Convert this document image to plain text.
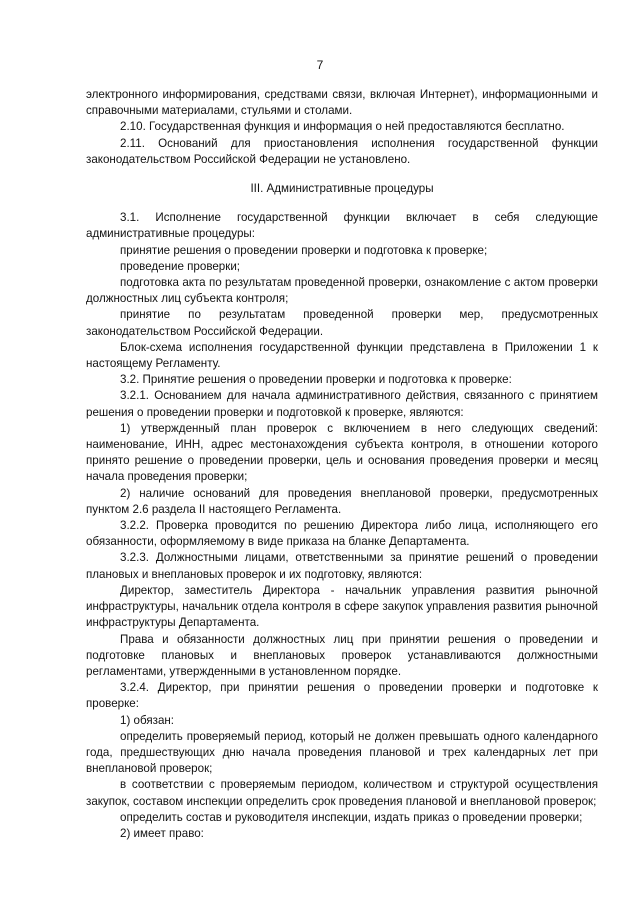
7

электронного информирования, средствами связи, включая Интернет), информационными и справочными материалами, стульями и столами.

2.10. Государственная функция и информация о ней предоставляются бесплатно.

2.11. Оснований для приостановления исполнения государственной функции законодательством Российской Федерации не установлено.

III. Административные процедуры

3.1. Исполнение государственной функции включает в себя следующие административные процедуры:

принятие решения о проведении проверки и подготовка к проверке;

проведение проверки;

подготовка акта по результатам проведенной проверки, ознакомление с актом проверки должностных лиц субъекта контроля;

принятие по результатам проведенной проверки мер, предусмотренных законодательством Российской Федерации.

Блок-схема исполнения государственной функции представлена в Приложении 1 к настоящему Регламенту.

3.2. Принятие решения о проведении проверки и подготовка к проверке:

3.2.1. Основанием для начала административного действия, связанного с принятием решения о проведении проверки и подготовкой к проверке, являются:

1) утвержденный план проверок с включением в него следующих сведений: наименование, ИНН, адрес местонахождения субъекта контроля, в отношении которого принято решение о проведении проверки, цель и основания проведения проверки и месяц начала проведения проверки;

2) наличие оснований для проведения внеплановой проверки, предусмотренных пунктом 2.6 раздела II настоящего Регламента.

3.2.2. Проверка проводится по решению Директора либо лица, исполняющего его обязанности, оформляемому в виде приказа на бланке Департамента.

3.2.3. Должностными лицами, ответственными за принятие решений о проведении плановых и внеплановых проверок и их подготовку, являются:

Директор, заместитель Директора - начальник управления развития рыночной инфраструктуры, начальник отдела контроля в сфере закупок управления развития рыночной инфраструктуры Департамента.

Права и обязанности должностных лиц при принятии решения о проведении и подготовке плановых и внеплановых проверок устанавливаются должностными регламентами, утвержденными в установленном порядке.

3.2.4. Директор, при принятии решения о проведении проверки и подготовке к проверке:

1) обязан:

определить проверяемый период, который не должен превышать одного календарного года, предшествующих дню начала проведения плановой и трех календарных лет при внеплановой проверок;

в соответствии с проверяемым периодом, количеством и структурой осуществления закупок, составом инспекции определить срок проведения плановой и внеплановой проверок;

определить состав и руководителя инспекции, издать приказ о проведении проверки;

2) имеет право:
